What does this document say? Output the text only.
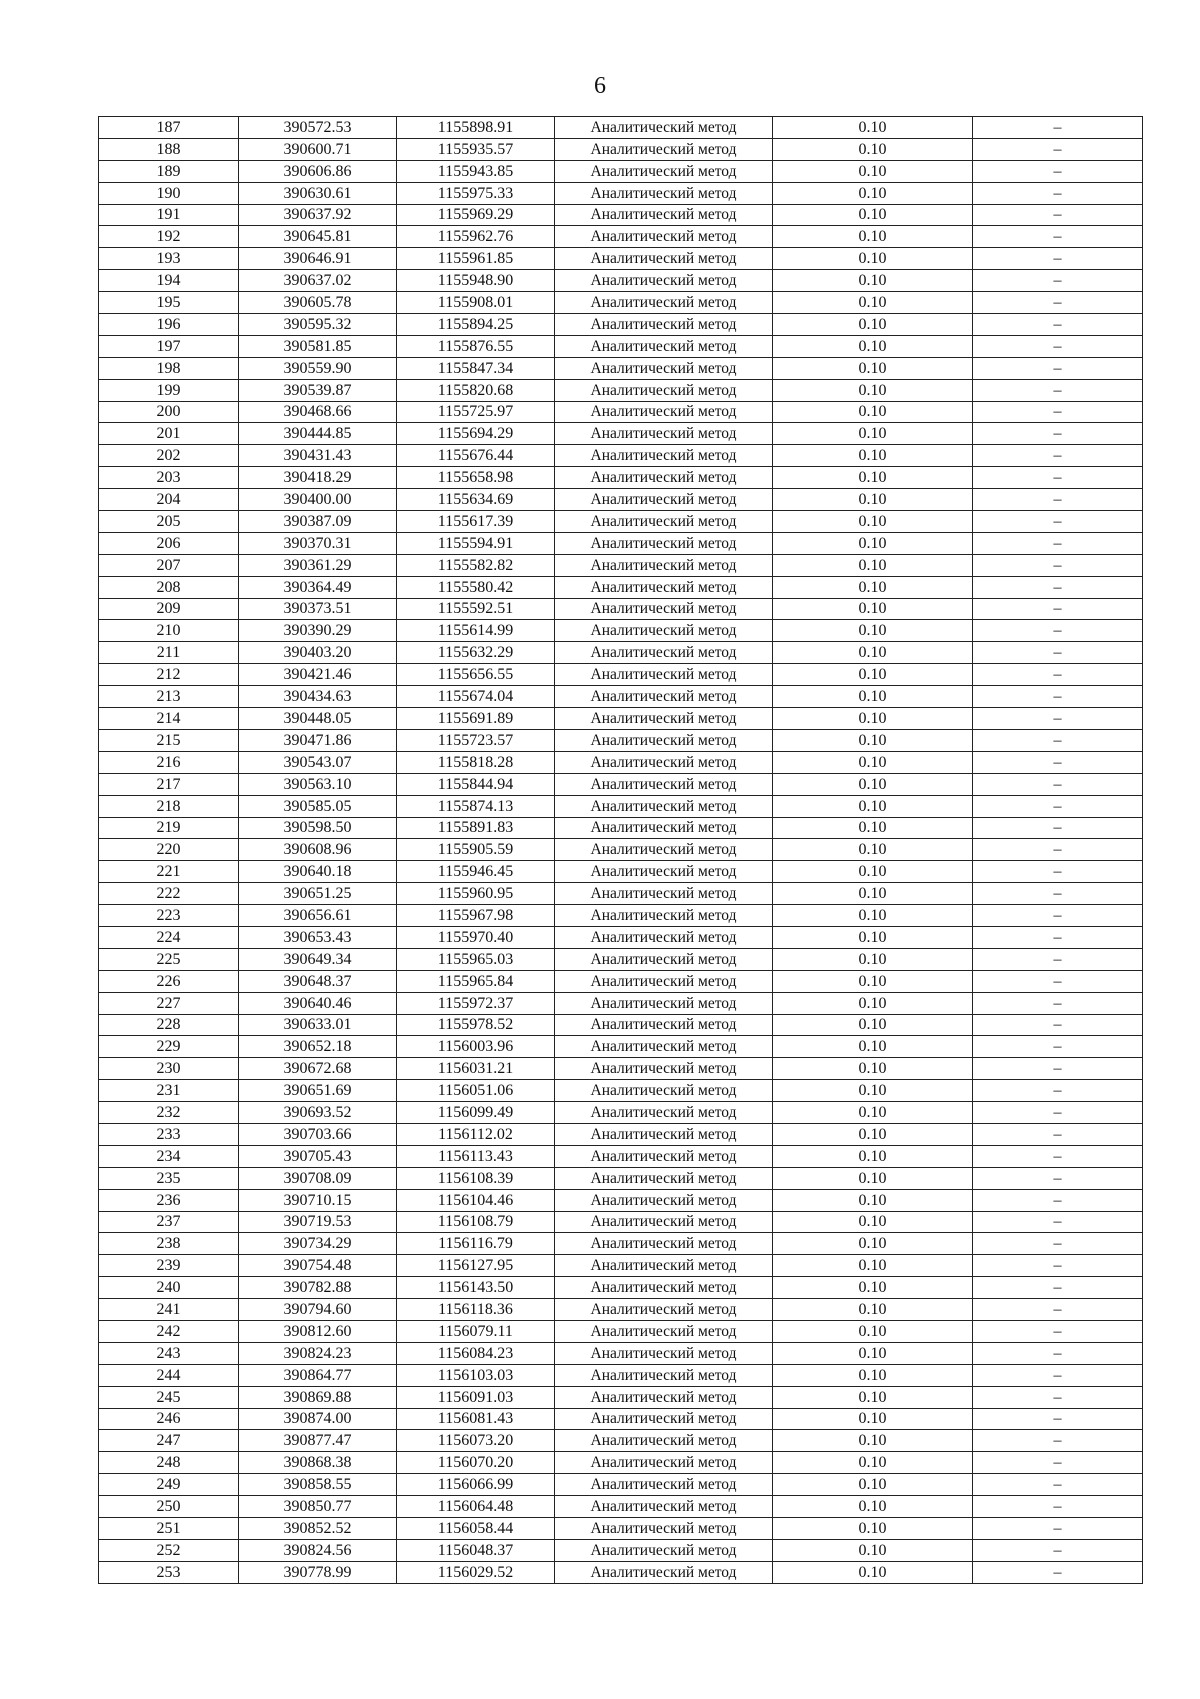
6
187	390572.53	1155898.91	Аналитический метод	0.10	–
188	390600.71	1155935.57	Аналитический метод	0.10	–
189	390606.86	1155943.85	Аналитический метод	0.10	–
190	390630.61	1155975.33	Аналитический метод	0.10	–
191	390637.92	1155969.29	Аналитический метод	0.10	–
192	390645.81	1155962.76	Аналитический метод	0.10	–
193	390646.91	1155961.85	Аналитический метод	0.10	–
194	390637.02	1155948.90	Аналитический метод	0.10	–
195	390605.78	1155908.01	Аналитический метод	0.10	–
196	390595.32	1155894.25	Аналитический метод	0.10	–
197	390581.85	1155876.55	Аналитический метод	0.10	–
198	390559.90	1155847.34	Аналитический метод	0.10	–
199	390539.87	1155820.68	Аналитический метод	0.10	–
200	390468.66	1155725.97	Аналитический метод	0.10	–
201	390444.85	1155694.29	Аналитический метод	0.10	–
202	390431.43	1155676.44	Аналитический метод	0.10	–
203	390418.29	1155658.98	Аналитический метод	0.10	–
204	390400.00	1155634.69	Аналитический метод	0.10	–
205	390387.09	1155617.39	Аналитический метод	0.10	–
206	390370.31	1155594.91	Аналитический метод	0.10	–
207	390361.29	1155582.82	Аналитический метод	0.10	–
208	390364.49	1155580.42	Аналитический метод	0.10	–
209	390373.51	1155592.51	Аналитический метод	0.10	–
210	390390.29	1155614.99	Аналитический метод	0.10	–
211	390403.20	1155632.29	Аналитический метод	0.10	–
212	390421.46	1155656.55	Аналитический метод	0.10	–
213	390434.63	1155674.04	Аналитический метод	0.10	–
214	390448.05	1155691.89	Аналитический метод	0.10	–
215	390471.86	1155723.57	Аналитический метод	0.10	–
216	390543.07	1155818.28	Аналитический метод	0.10	–
217	390563.10	1155844.94	Аналитический метод	0.10	–
218	390585.05	1155874.13	Аналитический метод	0.10	–
219	390598.50	1155891.83	Аналитический метод	0.10	–
220	390608.96	1155905.59	Аналитический метод	0.10	–
221	390640.18	1155946.45	Аналитический метод	0.10	–
222	390651.25	1155960.95	Аналитический метод	0.10	–
223	390656.61	1155967.98	Аналитический метод	0.10	–
224	390653.43	1155970.40	Аналитический метод	0.10	–
225	390649.34	1155965.03	Аналитический метод	0.10	–
226	390648.37	1155965.84	Аналитический метод	0.10	–
227	390640.46	1155972.37	Аналитический метод	0.10	–
228	390633.01	1155978.52	Аналитический метод	0.10	–
229	390652.18	1156003.96	Аналитический метод	0.10	–
230	390672.68	1156031.21	Аналитический метод	0.10	–
231	390651.69	1156051.06	Аналитический метод	0.10	–
232	390693.52	1156099.49	Аналитический метод	0.10	–
233	390703.66	1156112.02	Аналитический метод	0.10	–
234	390705.43	1156113.43	Аналитический метод	0.10	–
235	390708.09	1156108.39	Аналитический метод	0.10	–
236	390710.15	1156104.46	Аналитический метод	0.10	–
237	390719.53	1156108.79	Аналитический метод	0.10	–
238	390734.29	1156116.79	Аналитический метод	0.10	–
239	390754.48	1156127.95	Аналитический метод	0.10	–
240	390782.88	1156143.50	Аналитический метод	0.10	–
241	390794.60	1156118.36	Аналитический метод	0.10	–
242	390812.60	1156079.11	Аналитический метод	0.10	–
243	390824.23	1156084.23	Аналитический метод	0.10	–
244	390864.77	1156103.03	Аналитический метод	0.10	–
245	390869.88	1156091.03	Аналитический метод	0.10	–
246	390874.00	1156081.43	Аналитический метод	0.10	–
247	390877.47	1156073.20	Аналитический метод	0.10	–
248	390868.38	1156070.20	Аналитический метод	0.10	–
249	390858.55	1156066.99	Аналитический метод	0.10	–
250	390850.77	1156064.48	Аналитический метод	0.10	–
251	390852.52	1156058.44	Аналитический метод	0.10	–
252	390824.56	1156048.37	Аналитический метод	0.10	–
253	390778.99	1156029.52	Аналитический метод	0.10	–
